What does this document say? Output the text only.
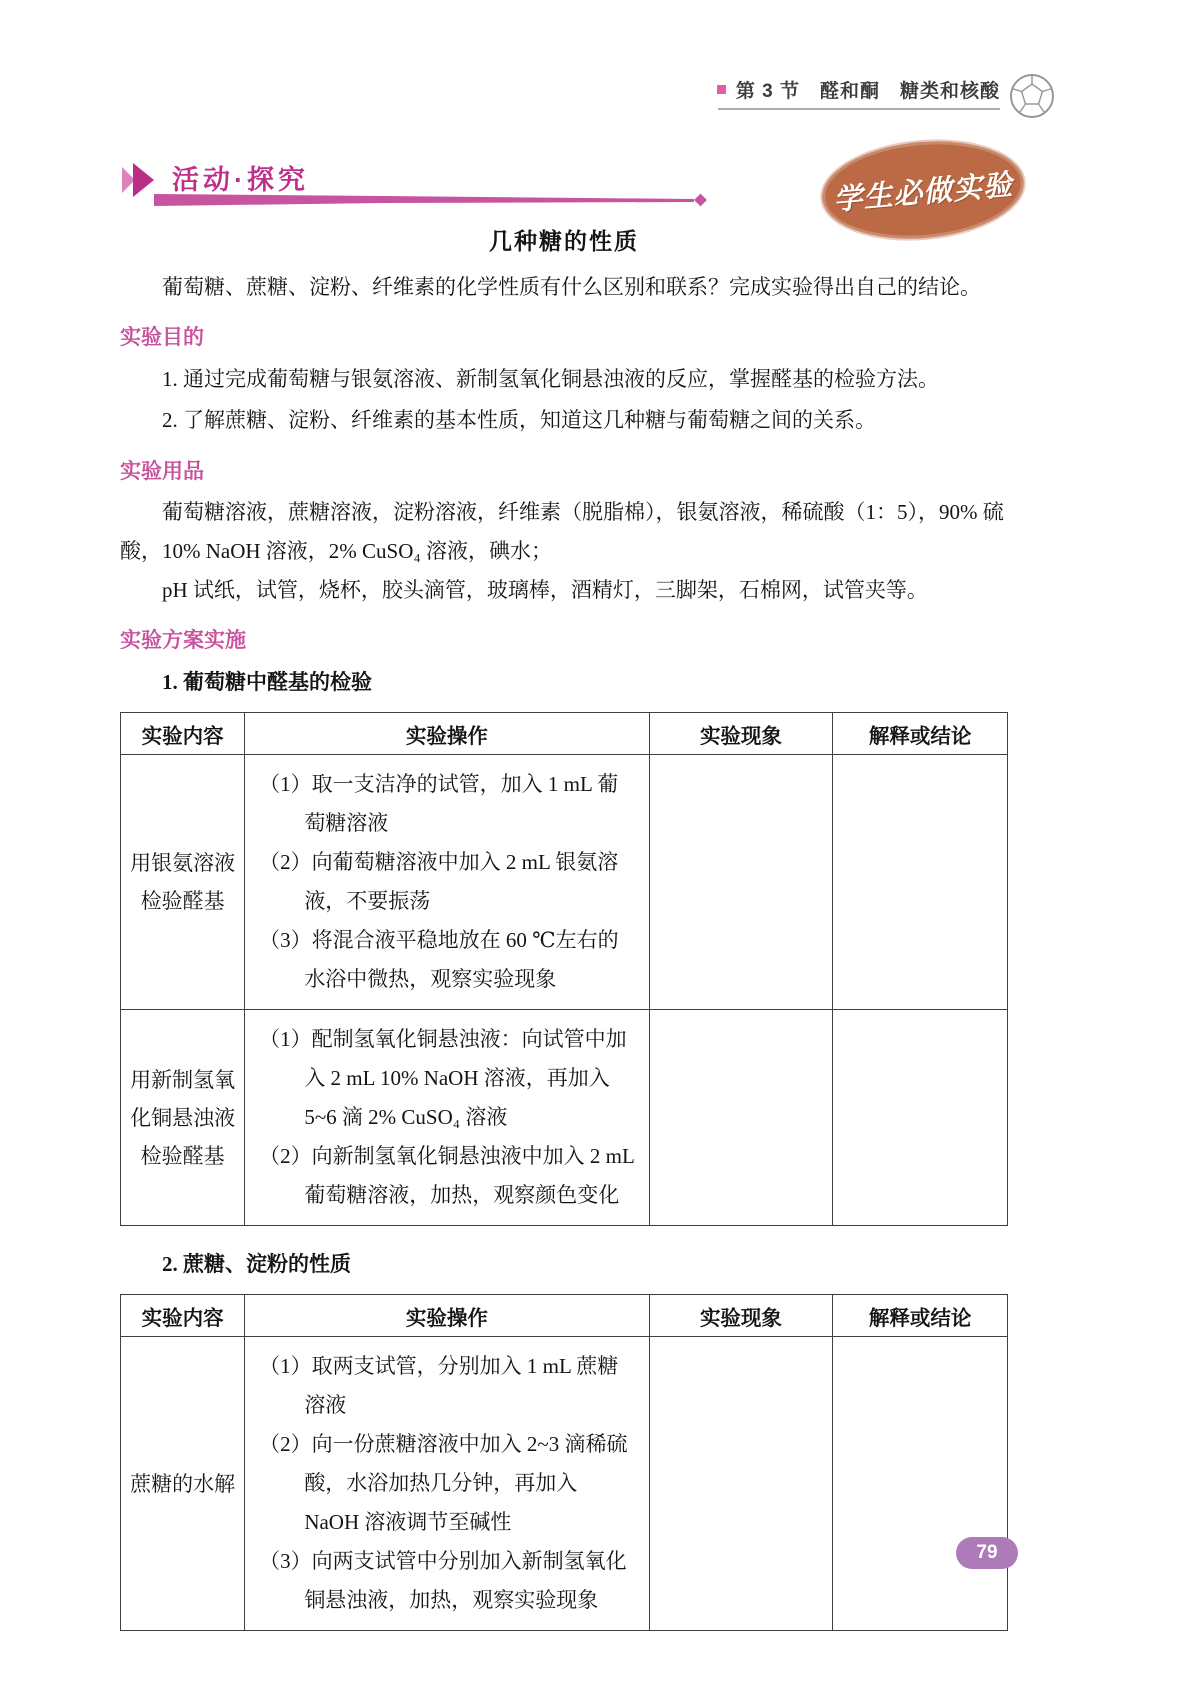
第 3 节　醛和酮　糖类和核酸
学生必做实验
活动·探究
几种糖的性质

葡萄糖、蔗糖、淀粉、纤维素的化学性质有什么区别和联系？完成实验得出自己的结论。

实验目的

1. 通过完成葡萄糖与银氨溶液、新制氢氧化铜悬浊液的反应，掌握醛基的检验方法。

2. 了解蔗糖、淀粉、纤维素的基本性质，知道这几种糖与葡萄糖之间的关系。

实验用品

葡萄糖溶液，蔗糖溶液，淀粉溶液，纤维素（脱脂棉），银氨溶液，稀硫酸（1：5），90% 硫酸，10% NaOH 溶液，2% CuSO₄ 溶液，碘水；

pH 试纸，试管，烧杯，胶头滴管，玻璃棒，酒精灯，三脚架，石棉网，试管夹等。

实验方案实施
1. 葡萄糖中醛基的检验
实验内容	实验操作	实验现象	解释或结论
用银氨溶液检验醛基	（1）取一支洁净的试管，加入 1 mL 葡萄糖溶液
（2）向葡萄糖溶液中加入 2 mL 银氨溶液，不要振荡
（3）将混合液平稳地放在 60 ℃左右的水浴中微热，观察实验现象		

用新制氢氧化铜悬浊液检验醛基	（1）配制氢氧化铜悬浊液：向试管中加入 2 mL 10% NaOH 溶液，再加入 5~6 滴 2% CuSO₄ 溶液
（2）向新制氢氧化铜悬浊液中加入 2 mL 葡萄糖溶液，加热，观察颜色变化		

2. 蔗糖、淀粉的性质
实验内容	实验操作	实验现象	解释或结论
蔗糖的水解	（1）取两支试管，分别加入 1 mL 蔗糖溶液
（2）向一份蔗糖溶液中加入 2~3 滴稀硫酸，水浴加热几分钟，再加入 NaOH 溶液调节至碱性
（3）向两支试管中分别加入新制氢氧化铜悬浊液，加热，观察实验现象		

79
